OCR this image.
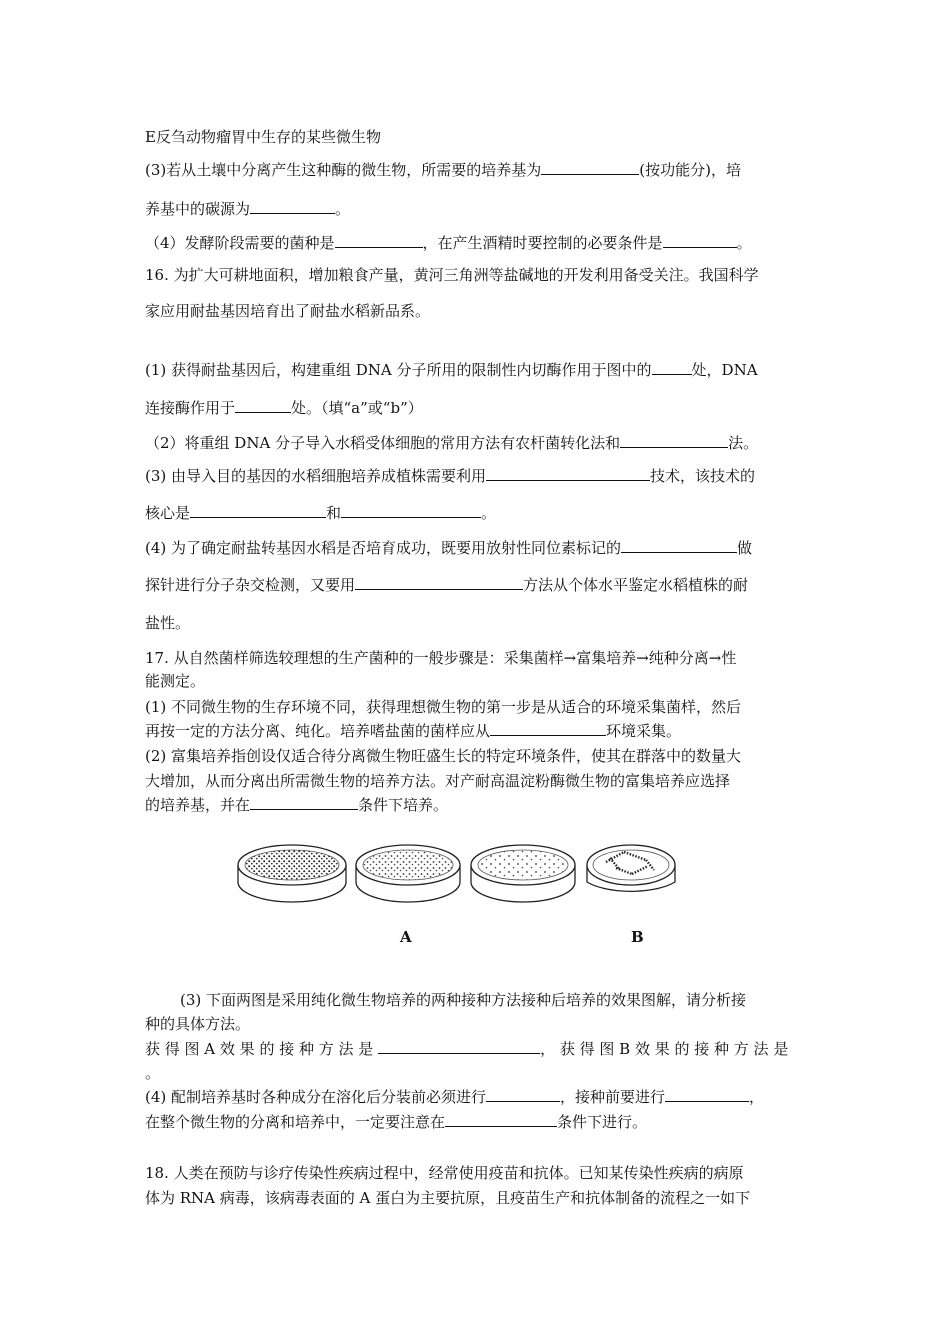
E反刍动物瘤胃中生存的某些微生物
(3)若从土壤中分离产生这种酶的微生物，所需要的培养基为	(按功能分)，培
养基中的碳源为	。
（4）发酵阶段需要的菌种是	，在产生酒精时要控制的必要条件是	。
16. 为扩大可耕地面积，增加粮食产量，黄河三角洲等盐碱地的开发利用备受关注。我国科学
家应用耐盐基因培育出了耐盐水稻新品系。
(1) 获得耐盐基因后，构建重组 DNA 分子所用的限制性内切酶作用于图中的	处，DNA
连接酶作用于	处。（填“a”或“b”）
（2）将重组 DNA 分子导入水稻受体细胞的常用方法有农杆菌转化法和	法。
(3) 由导入目的基因的水稻细胞培养成植株需要利用	技术，该技术的
核心是	和	。
(4) 为了确定耐盐转基因水稻是否培育成功，既要用放射性同位素标记的	做
探针进行分子杂交检测，又要用	方法从个体水平鉴定水稻植株的耐
盐性。
17. 从自然菌样筛选较理想的生产菌种的一般步骤是：采集菌样→富集培养→纯种分离→性
能测定。
(1) 不同微生物的生存环境不同，获得理想微生物的第一步是从适合的环境采集菌样，然后
再按一定的方法分离、纯化。培养嗜盐菌的菌样应从	环境采集。
(2) 富集培养指创设仅适合待分离微生物旺盛生长的特定环境条件，使其在群落中的数量大
大增加，从而分离出所需微生物的培养方法。对产耐高温淀粉酶微生物的富集培养应选择
的培养基，并在	条件下培养。
A	B
(3) 下面两图是采用纯化微生物培养的两种接种方法接种后培养的效果图解，请分析接
种的具体方法。
获 得 图 A 效 果 的 接 种 方 法 是	， 获 得 图 B 效 果 的 接 种 方 法 是
。
(4) 配制培养基时各种成分在溶化后分装前必须进行	，接种前要进行	，
在整个微生物的分离和培养中，一定要注意在	条件下进行。
18. 人类在预防与诊疗传染性疾病过程中，经常使用疫苗和抗体。已知某传染性疾病的病原
体为 RNA 病毒，该病毒表面的 A 蛋白为主要抗原，且疫苗生产和抗体制备的流程之一如下
